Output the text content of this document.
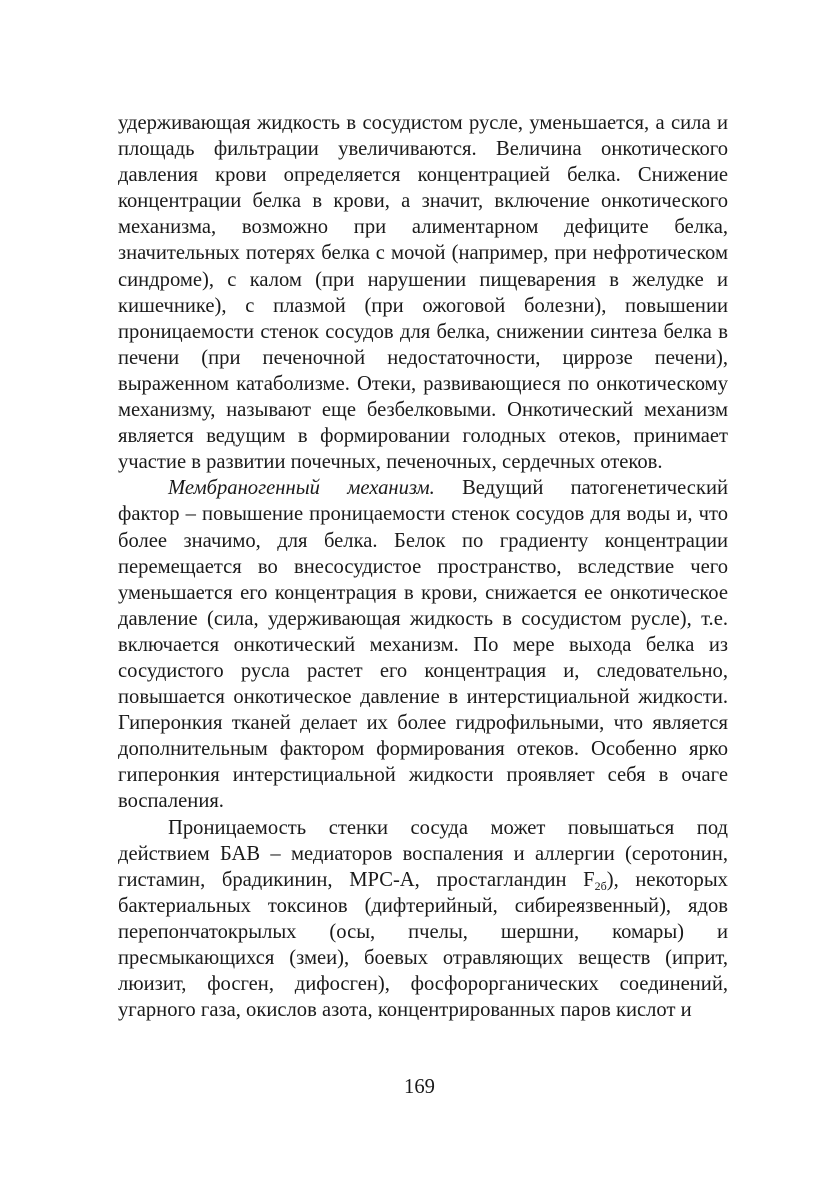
удерживающая жидкость в сосудистом русле, уменьшается, а сила и площадь фильтрации увеличиваются. Величина онкотического давления крови определяется концентрацией белка. Снижение концентрации белка в крови, а значит, включение онкотического механизма, возможно при алиментарном дефиците белка, значительных потерях белка с мочой (например, при нефротическом синдроме), с калом (при нарушении пищеварения в желудке и кишечнике), с плазмой (при ожоговой болезни), повышении проницаемости стенок сосудов для белка, снижении синтеза белка в печени (при печеночной недостаточности, циррозе печени), выраженном катаболизме. Отеки, развивающиеся по онкотическому механизму, называют еще безбелковыми. Онкотический механизм является ведущим в формировании голодных отеков, принимает участие в развитии почечных, печеночных, сердечных отеков.

Мембраногенный механизм. Ведущий патогенетический фактор – повышение проницаемости стенок сосудов для воды и, что более значимо, для белка. Белок по градиенту концентрации перемещается во внесосудистое пространство, вследствие чего уменьшается его концентрация в крови, снижается ее онкотическое давление (сила, удерживающая жидкость в сосудистом русле), т.е. включается онкотический механизм. По мере выхода белка из сосудистого русла растет его концентрация и, следовательно, повышается онкотическое давление в интерстициальной жидкости. Гиперонкия тканей делает их более гидрофильными, что является дополнительным фактором формирования отеков. Особенно ярко гиперонкия интерстициальной жидкости проявляет себя в очаге воспаления.

Проницаемость стенки сосуда может повышаться под действием БАВ – медиаторов воспаления и аллергии (серотонин, гистамин, брадикинин, МРС-А, простагландин $F_{2б}$), некоторых бактериальных токсинов (дифтерийный, сибиреязвенный), ядов перепончатокрылых (осы, пчелы, шершни, комары) и пресмыкающихся (змеи), боевых отравляющих веществ (иприт, люизит, фосген, дифосген), фосфорорганических соединений, угарного газа, окислов азота, концентрированных паров кислот и

169
